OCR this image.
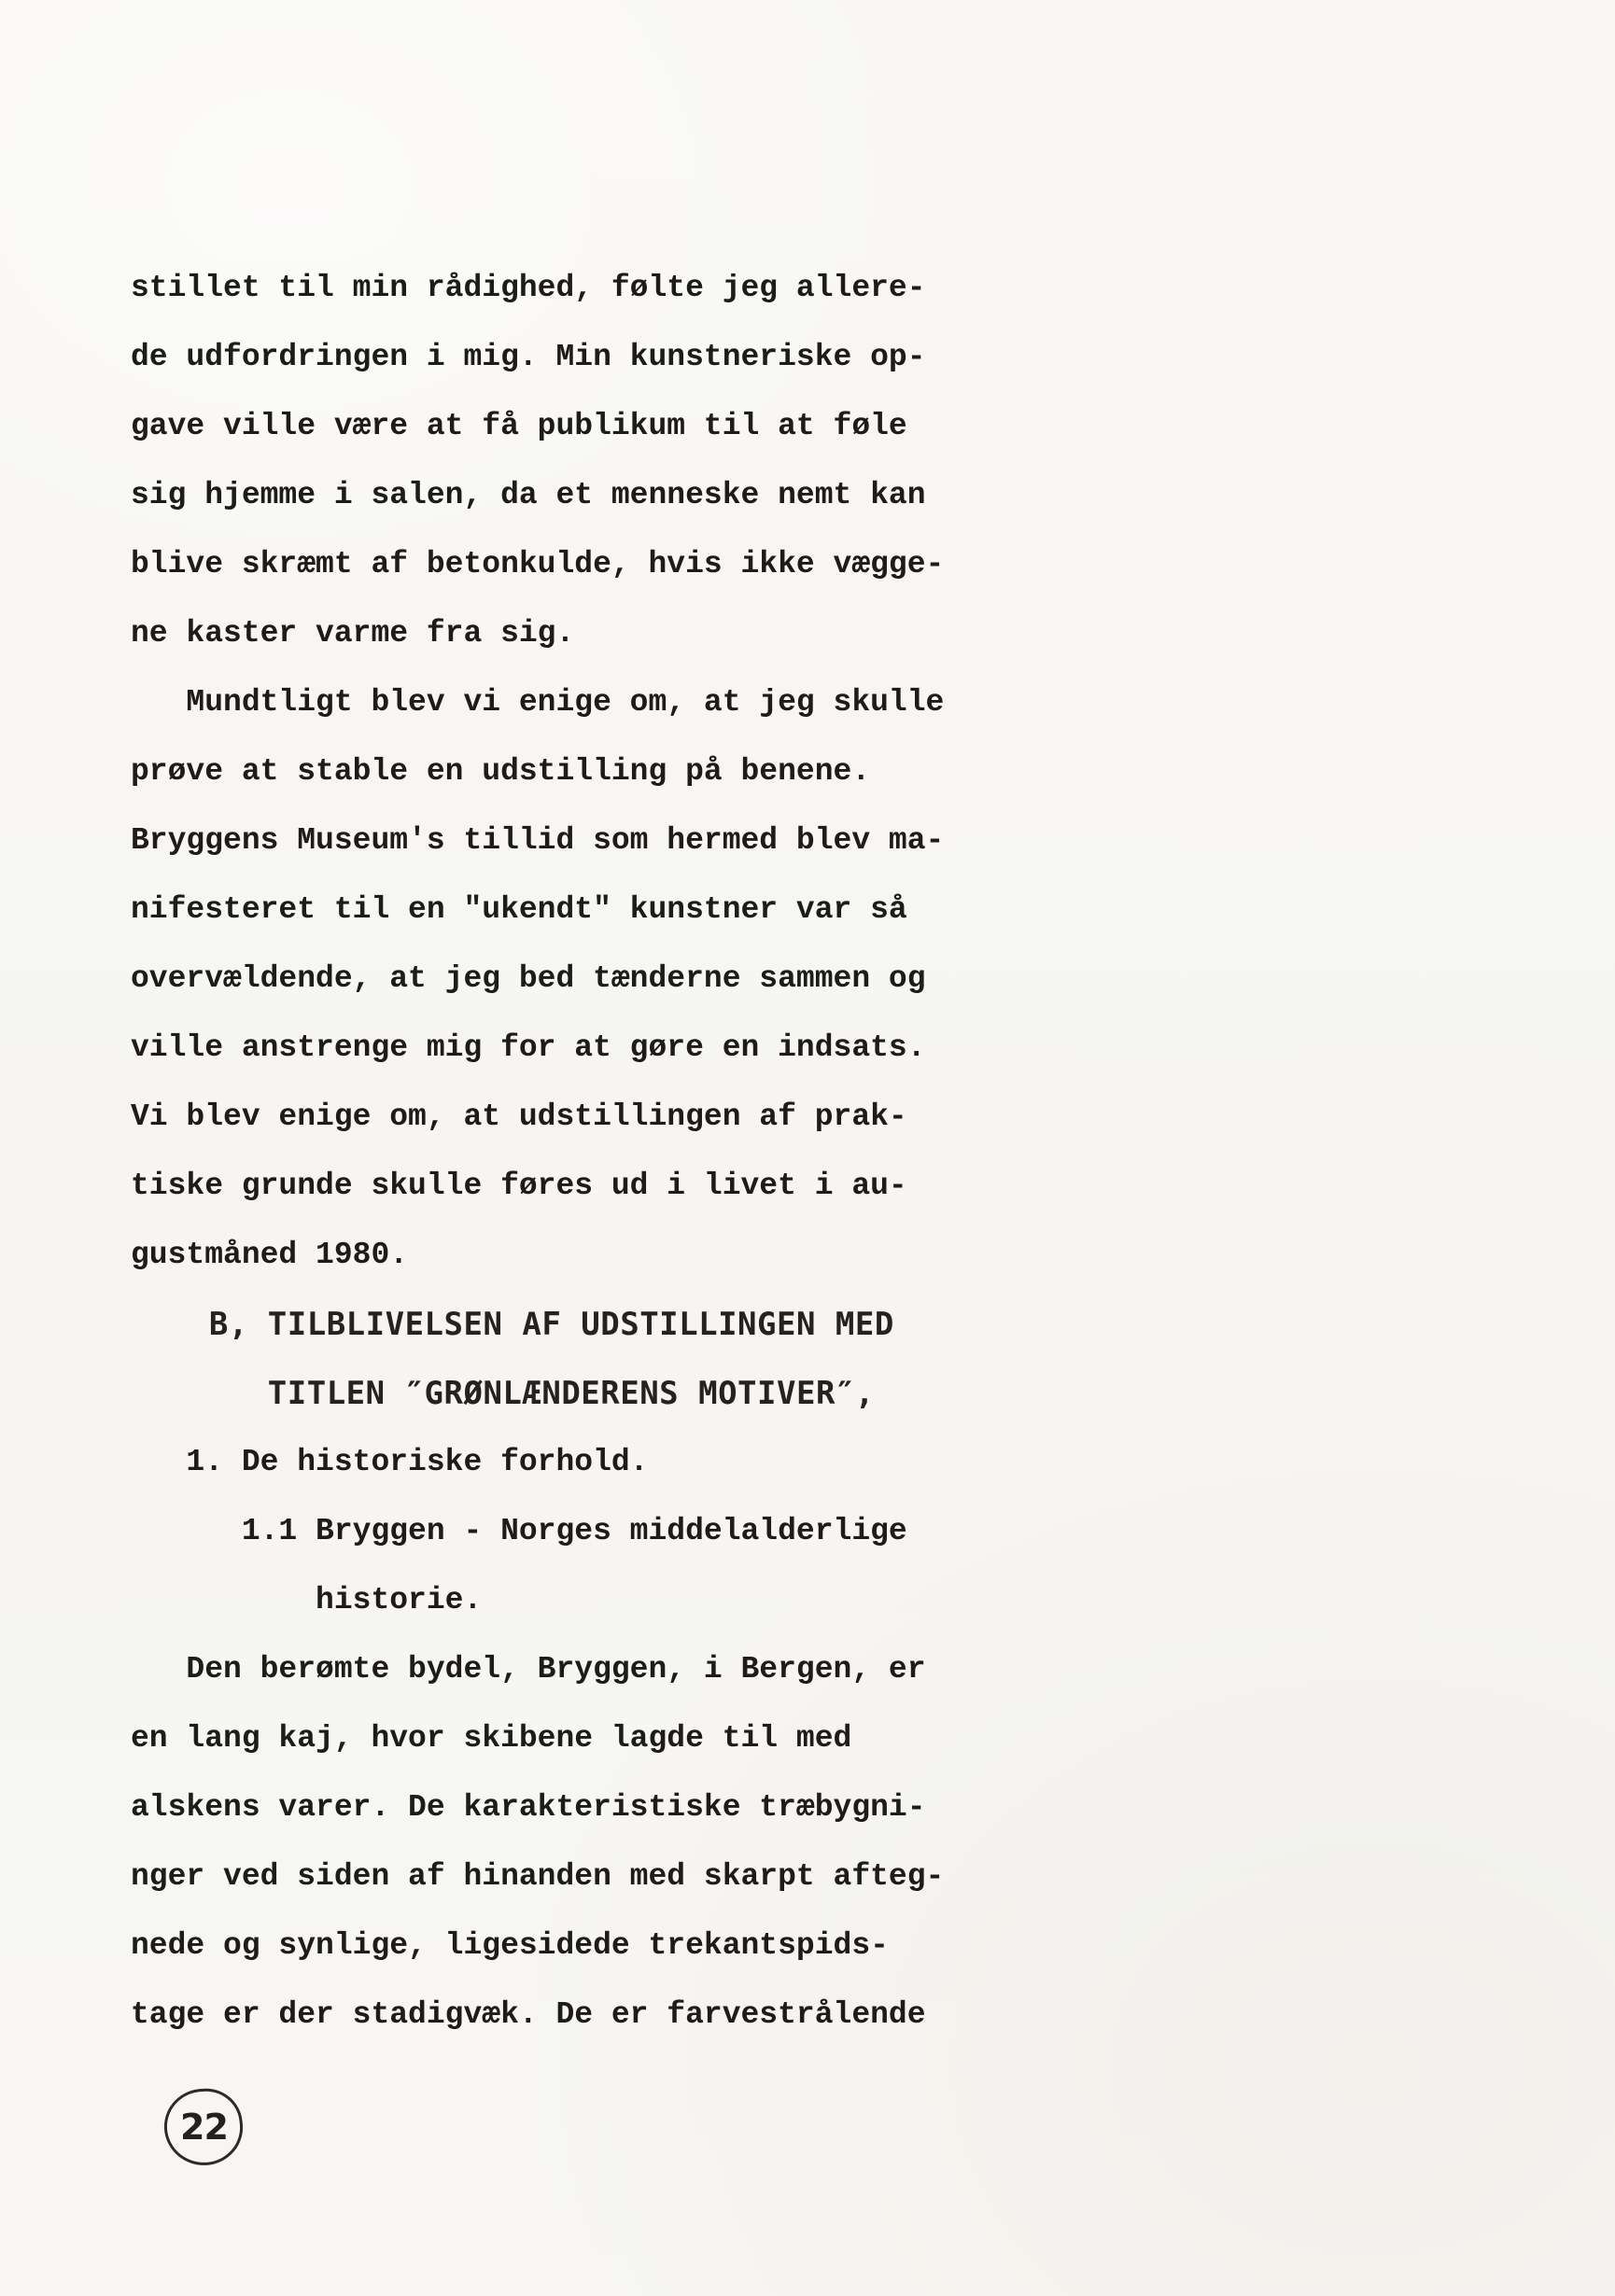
stillet til min rådighed, følte jeg allere-
de udfordringen i mig. Min kunstneriske op-
gave ville være at få publikum til at føle
sig hjemme i salen, da et menneske nemt kan
blive skræmt af betonkulde, hvis ikke vægge-
ne kaster varme fra sig.
Mundtligt blev vi enige om, at jeg skulle
prøve at stable en udstilling på benene.
Bryggens Museum's tillid som hermed blev ma-
nifesteret til en "ukendt" kunstner var så
overvældende, at jeg bed tænderne sammen og
ville anstrenge mig for at gøre en indsats.
Vi blev enige om, at udstillingen af prak-
tiske grunde skulle føres ud i livet i au-
gustmåned 1980.
B, TILBLIVELSEN AF UDSTILLINGEN MED
TITLEN ″GRØNLÆNDERENS MOTIVER″,
1. De historiske forhold.
1.1 Bryggen - Norges middelalderlige
historie.
Den berømte bydel, Bryggen, i Bergen, er
en lang kaj, hvor skibene lagde til med
alskens varer. De karakteristiske træbygni-
nger ved siden af hinanden med skarpt afteg-
nede og synlige, ligesidede trekantspids-
tage er der stadigvæk. De er farvestrålende
22
